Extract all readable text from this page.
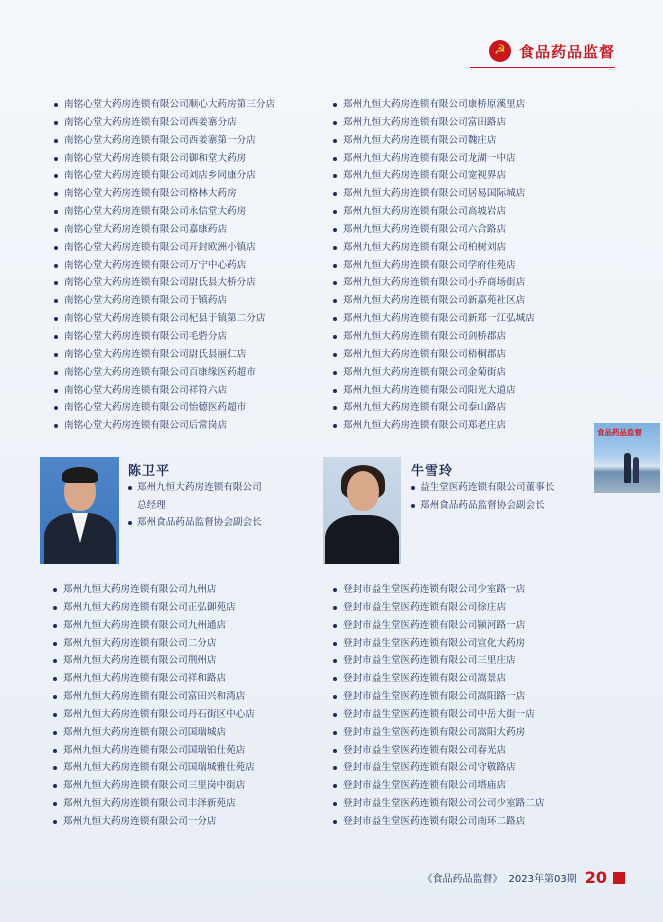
☭ 食品药品监督
南铭心堂大药房连锁有限公司顺心大药房第三分店
南铭心堂大药房连锁有限公司西姜寨分店
南铭心堂大药房连锁有限公司西姜寨第一分店
南铭心堂大药房连锁有限公司御和堂大药房
南铭心堂大药房连锁有限公司刘店乡同康分店
南铭心堂大药房连锁有限公司格林大药房
南铭心堂大药房连锁有限公司永信堂大药房
南铭心堂大药房连锁有限公司嘉康药店
南铭心堂大药房连锁有限公司开封欧洲小镇店
南铭心堂大药房连锁有限公司万宁中心药店
南铭心堂大药房连锁有限公司尉氏县大桥分店
南铭心堂大药房连锁有限公司于镇药店
南铭心堂大药房连锁有限公司杞县于镇第二分店
南铭心堂大药房连锁有限公司毛砦分店
南铭心堂大药房连锁有限公司尉氏县丽仁店
南铭心堂大药房连锁有限公司百康缘医药超市
南铭心堂大药房连锁有限公司祥符六店
南铭心堂大药房连锁有限公司怡德医药超市
南铭心堂大药房连锁有限公司后常岗店
郑州九恒大药房连锁有限公司康桥原溪里店
郑州九恒大药房连锁有限公司富田路店
郑州九恒大药房连锁有限公司魏庄店
郑州九恒大药房连锁有限公司龙湖一中店
郑州九恒大药房连锁有限公司宽视界店
郑州九恒大药房连锁有限公司居易国际城店
郑州九恒大药房连锁有限公司高坡岩店
郑州九恒大药房连锁有限公司六合路店
郑州九恒大药房连锁有限公司柏树刘店
郑州九恒大药房连锁有限公司学府佳苑店
郑州九恒大药房连锁有限公司小乔商场街店
郑州九恒大药房连锁有限公司新嘉苑社区店
郑州九恒大药房连锁有限公司新郑一江弘城店
郑州九恒大药房连锁有限公司剑桥郡店
郑州九恒大药房连锁有限公司梧桐郡店
郑州九恒大药房连锁有限公司金菊街店
郑州九恒大药房连锁有限公司阳光大道店
郑州九恒大药房连锁有限公司泰山路店
郑州九恒大药房连锁有限公司郑老庄店
食品药品监督
陈卫平
郑州九恒大药房连锁有限公司
总经理
郑州食品药品监督协会副会长
牛雪玲
益生堂医药连锁有限公司董事长
郑州食品药品监督协会副会长
郑州九恒大药房连锁有限公司九州店
郑州九恒大药房连锁有限公司正弘御苑店
郑州九恒大药房连锁有限公司九州通店
郑州九恒大药房连锁有限公司二分店
郑州九恒大药房连锁有限公司荆州店
郑州九恒大药房连锁有限公司祥和路店
郑州九恒大药房连锁有限公司富田兴和湾店
郑州九恒大药房连锁有限公司丹石街区中心店
郑州九恒大药房连锁有限公司国瑞城店
郑州九恒大药房连锁有限公司国瑞铂仕苑店
郑州九恒大药房连锁有限公司国瑞城雅仕苑店
郑州九恒大药房连锁有限公司三里岗中街店
郑州九恒大药房连锁有限公司丰泽新苑店
郑州九恒大药房连锁有限公司一分店
登封市益生堂医药连锁有限公司少室路一店
登封市益生堂医药连锁有限公司徐庄店
登封市益生堂医药连锁有限公司颍河路一店
登封市益生堂医药连锁有限公司宣化大药房
登封市益生堂医药连锁有限公司三里庄店
登封市益生堂医药连锁有限公司嵩景店
登封市益生堂医药连锁有限公司嵩阳路一店
登封市益生堂医药连锁有限公司中岳大街一店
登封市益生堂医药连锁有限公司嵩阳大药房
登封市益生堂医药连锁有限公司春光店
登封市益生堂医药连锁有限公司守敬路店
登封市益生堂医药连锁有限公司塔庙店
登封市益生堂医药连锁有限公司公司少室路二店
登封市益生堂医药连锁有限公司南环二路店
《食品药品监督》 2023年第03期 20
